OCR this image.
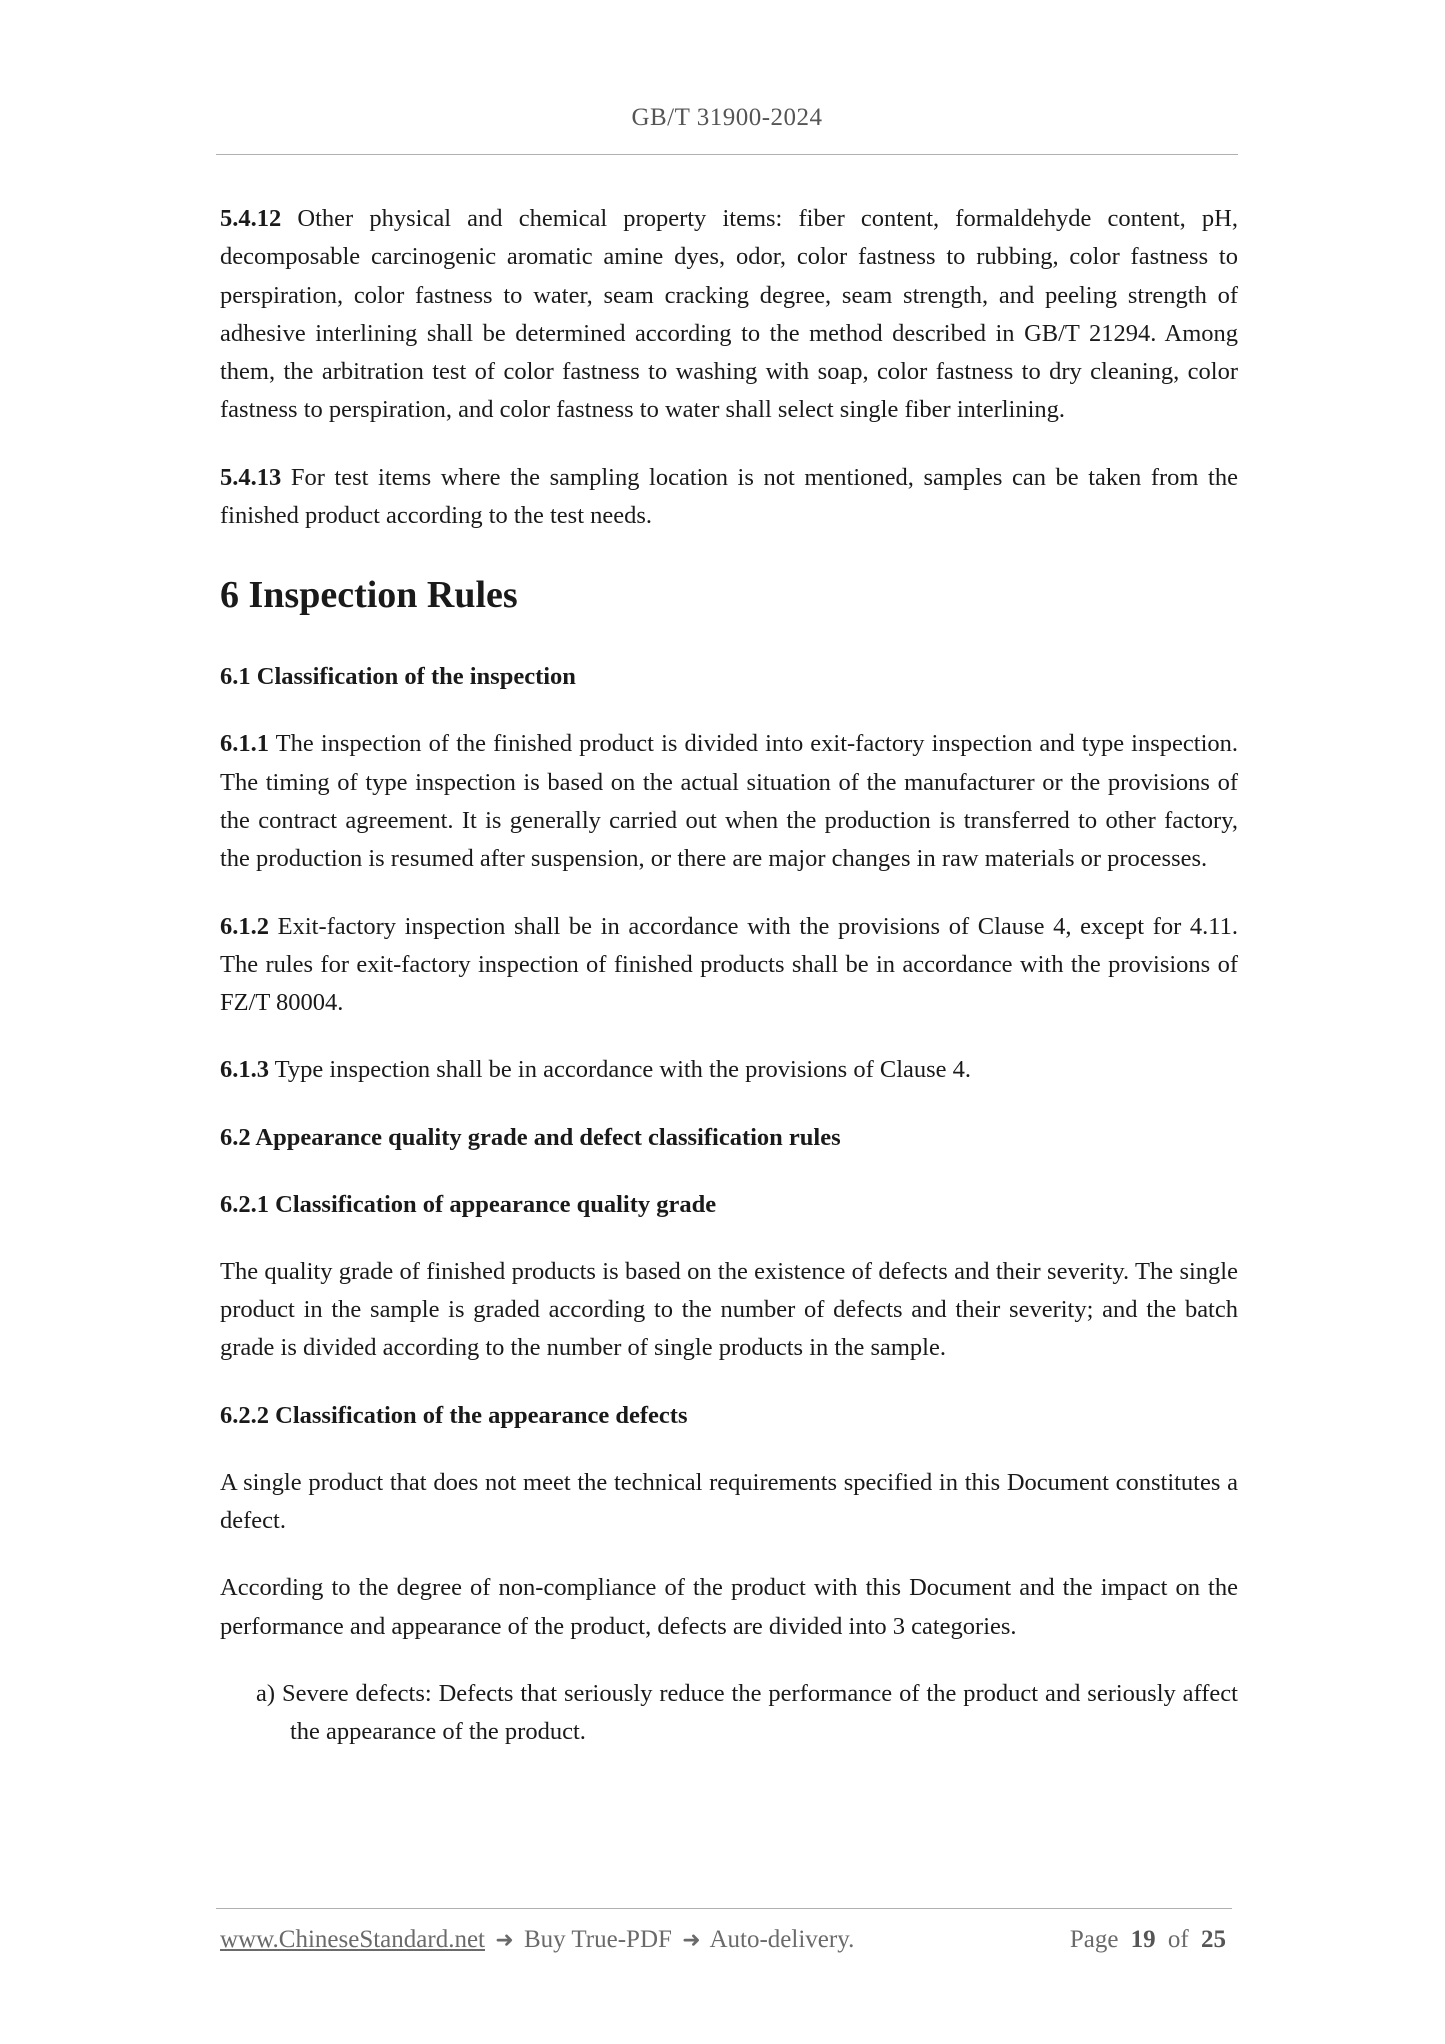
GB/T 31900-2024

5.4.12 Other physical and chemical property items: fiber content, formaldehyde content, pH, decomposable carcinogenic aromatic amine dyes, odor, color fastness to rubbing, color fastness to perspiration, color fastness to water, seam cracking degree, seam strength, and peeling strength of adhesive interlining shall be determined according to the method described in GB/T 21294. Among them, the arbitration test of color fastness to washing with soap, color fastness to dry cleaning, color fastness to perspiration, and color fastness to water shall select single fiber interlining.

5.4.13 For test items where the sampling location is not mentioned, samples can be taken from the finished product according to the test needs.

6 Inspection Rules
6.1 Classification of the inspection

6.1.1 The inspection of the finished product is divided into exit-factory inspection and type inspection. The timing of type inspection is based on the actual situation of the manufacturer or the provisions of the contract agreement. It is generally carried out when the production is transferred to other factory, the production is resumed after suspension, or there are major changes in raw materials or processes.

6.1.2 Exit-factory inspection shall be in accordance with the provisions of Clause 4, except for 4.11. The rules for exit-factory inspection of finished products shall be in accordance with the provisions of FZ/T 80004.

6.1.3 Type inspection shall be in accordance with the provisions of Clause 4.

6.2 Appearance quality grade and defect classification rules
6.2.1 Classification of appearance quality grade

The quality grade of finished products is based on the existence of defects and their severity. The single product in the sample is graded according to the number of defects and their severity; and the batch grade is divided according to the number of single products in the sample.

6.2.2 Classification of the appearance defects

A single product that does not meet the technical requirements specified in this Document constitutes a defect.

According to the degree of non-compliance of the product with this Document and the impact on the performance and appearance of the product, defects are divided into 3 categories.

a) Severe defects: Defects that seriously reduce the performance of the product and seriously affect the appearance of the product.

www.ChineseStandard.net ➜ Buy True-PDF ➜ Auto-delivery.	Page 19 of 25
